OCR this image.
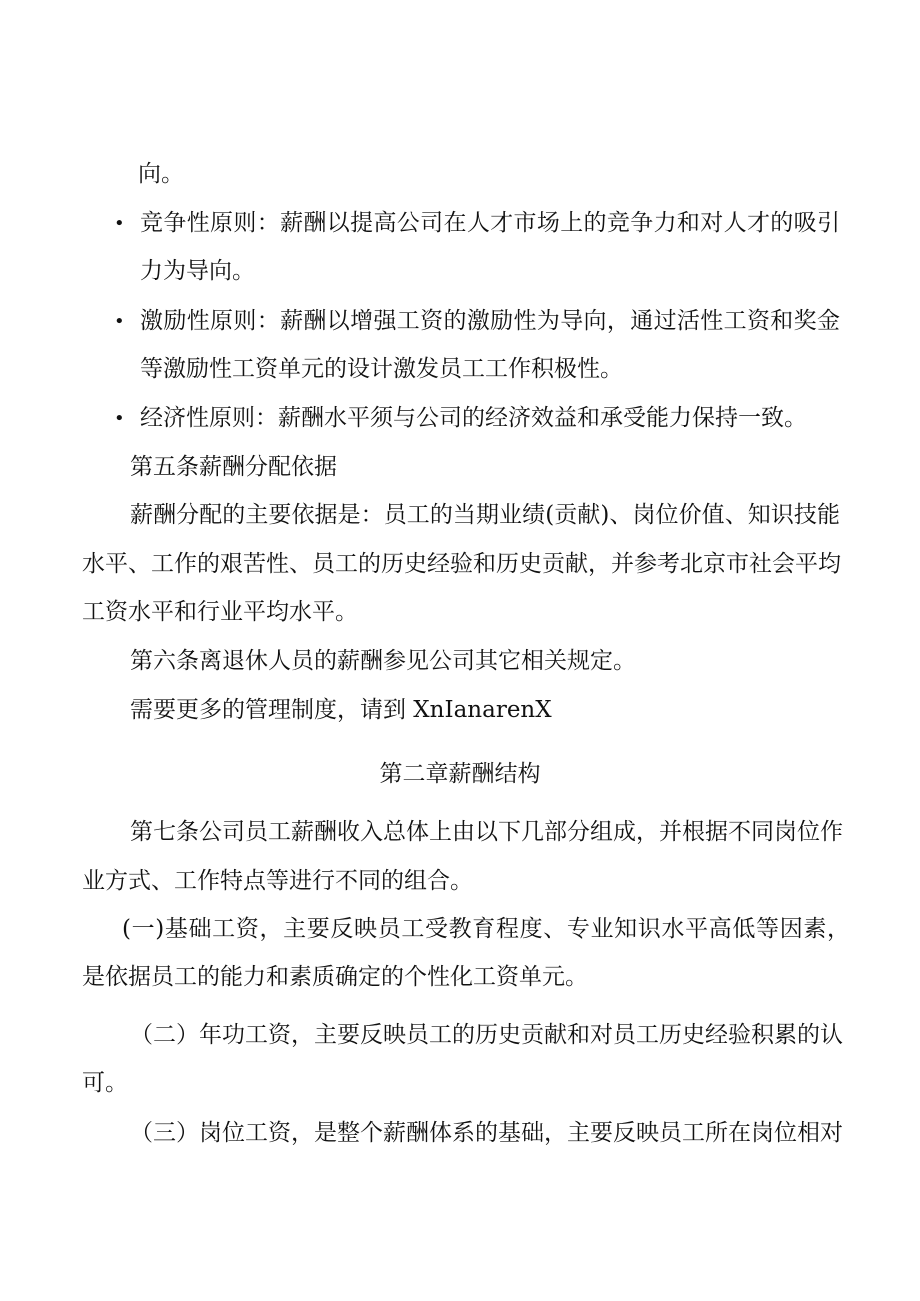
向。
• 竞争性原则：薪酬以提高公司在人才市场上的竞争力和对人才的吸引
力为导向。
• 激励性原则：薪酬以增强工资的激励性为导向，通过活性工资和奖金
等激励性工资单元的设计激发员工工作积极性。
• 经济性原则：薪酬水平须与公司的经济效益和承受能力保持一致。
第五条薪酬分配依据
薪酬分配的主要依据是：员工的当期业绩(贡献)、岗位价值、知识技能
水平、工作的艰苦性、员工的历史经验和历史贡献，并参考北京市社会平均
工资水平和行业平均水平。
第六条离退休人员的薪酬参见公司其它相关规定。
需要更多的管理制度，请到 XnIanarenX
第二章薪酬结构
第七条公司员工薪酬收入总体上由以下几部分组成，并根据不同岗位作
业方式、工作特点等进行不同的组合。
(一)基础工资，主要反映员工受教育程度、专业知识水平高低等因素，
是依据员工的能力和素质确定的个性化工资单元。
（二）年功工资，主要反映员工的历史贡献和对员工历史经验积累的认
可。
（三）岗位工资，是整个薪酬体系的基础，主要反映员工所在岗位相对
